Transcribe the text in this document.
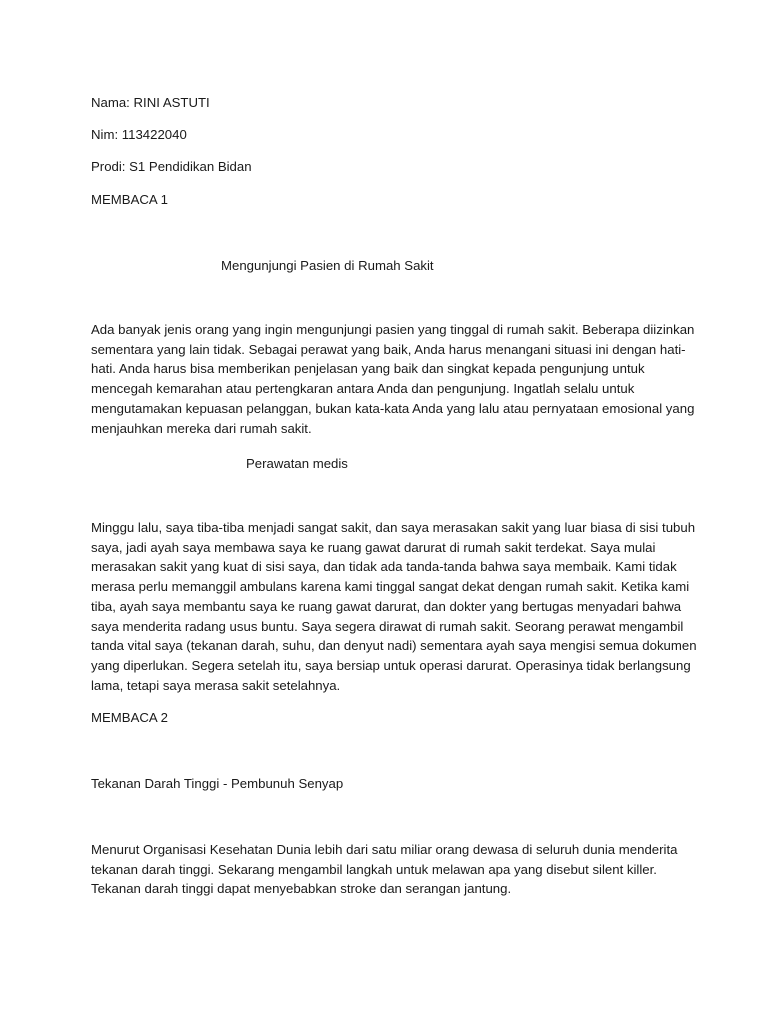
Nama: RINI ASTUTI
Nim: 113422040
Prodi: S1 Pendidikan Bidan
MEMBACA 1
Mengunjungi Pasien di Rumah Sakit
Ada banyak jenis orang yang ingin mengunjungi pasien yang tinggal di rumah sakit. Beberapa diizinkan
sementara yang lain tidak. Sebagai perawat yang baik, Anda harus menangani situasi ini dengan hati-
hati. Anda harus bisa memberikan penjelasan yang baik dan singkat kepada pengunjung untuk
mencegah kemarahan atau pertengkaran antara Anda dan pengunjung. Ingatlah selalu untuk
mengutamakan kepuasan pelanggan, bukan kata-kata Anda yang lalu atau pernyataan emosional yang
menjauhkan mereka dari rumah sakit.
Perawatan medis
Minggu lalu, saya tiba-tiba menjadi sangat sakit, dan saya merasakan sakit yang luar biasa di sisi tubuh
saya, jadi ayah saya membawa saya ke ruang gawat darurat di rumah sakit terdekat. Saya mulai
merasakan sakit yang kuat di sisi saya, dan tidak ada tanda-tanda bahwa saya membaik. Kami tidak
merasa perlu memanggil ambulans karena kami tinggal sangat dekat dengan rumah sakit. Ketika kami
tiba, ayah saya membantu saya ke ruang gawat darurat, dan dokter yang bertugas menyadari bahwa
saya menderita radang usus buntu. Saya segera dirawat di rumah sakit. Seorang perawat mengambil
tanda vital saya (tekanan darah, suhu, dan denyut nadi) sementara ayah saya mengisi semua dokumen
yang diperlukan. Segera setelah itu, saya bersiap untuk operasi darurat. Operasinya tidak berlangsung
lama, tetapi saya merasa sakit setelahnya.
MEMBACA 2
Tekanan Darah Tinggi - Pembunuh Senyap
Menurut Organisasi Kesehatan Dunia lebih dari satu miliar orang dewasa di seluruh dunia menderita
tekanan darah tinggi. Sekarang mengambil langkah untuk melawan apa yang disebut silent killer.
Tekanan darah tinggi dapat menyebabkan stroke dan serangan jantung.
